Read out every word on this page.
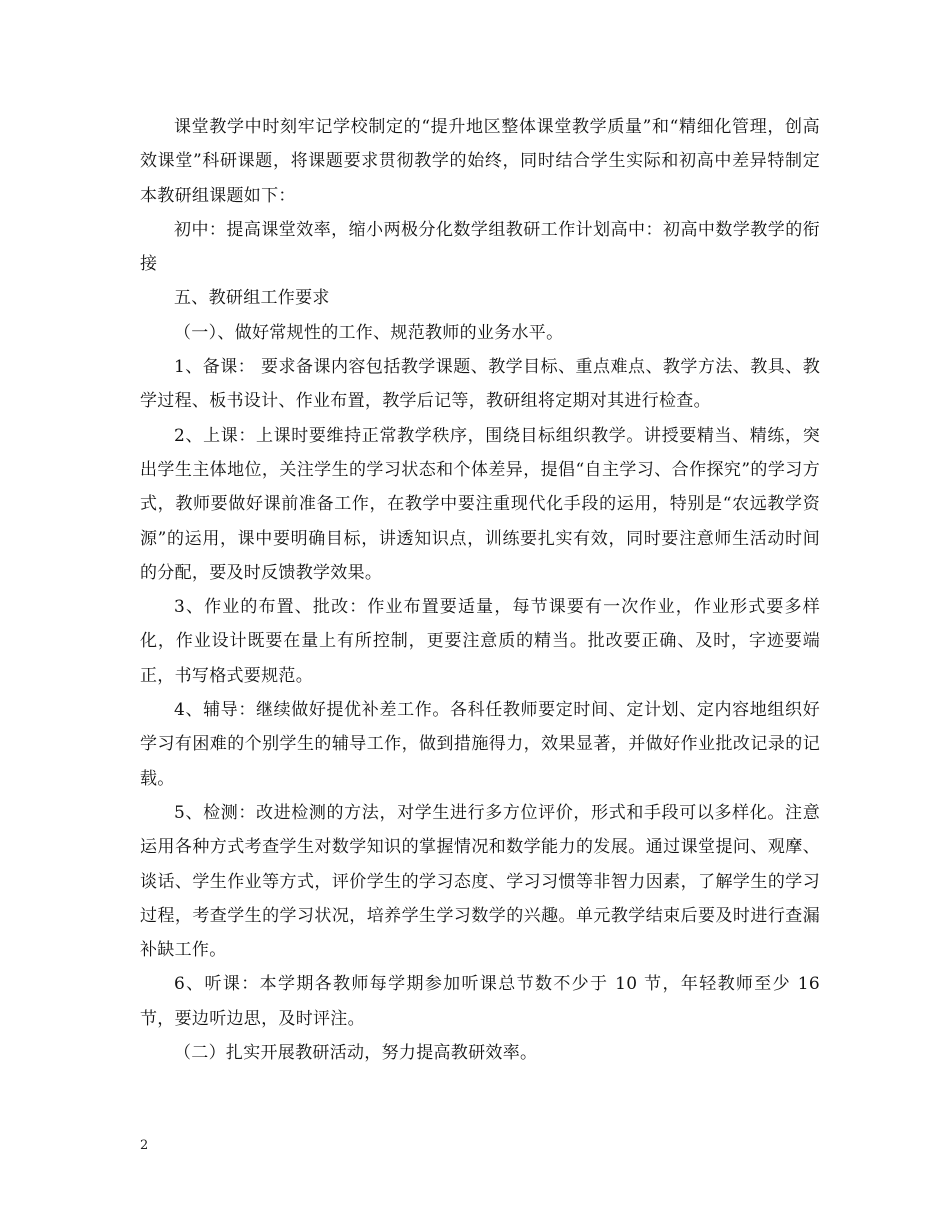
课堂教学中时刻牢记学校制定的“提升地区整体课堂教学质量”和“精细化管理，创高效课堂”科研课题，将课题要求贯彻教学的始终，同时结合学生实际和初高中差异特制定本教研组课题如下：

初中：提高课堂效率，缩小两极分化数学组教研工作计划高中：初高中数学教学的衔接

五、教研组工作要求

（一）、做好常规性的工作、规范教师的业务水平。

1、备课： 要求备课内容包括教学课题、教学目标、重点难点、教学方法、教具、教学过程、板书设计、作业布置，教学后记等，教研组将定期对其进行检查。

2、上课：上课时要维持正常教学秩序，围绕目标组织教学。讲授要精当、精练，突出学生主体地位，关注学生的学习状态和个体差异，提倡“自主学习、合作探究”的学习方式，教师要做好课前准备工作，在教学中要注重现代化手段的运用，特别是“农远教学资源”的运用，课中要明确目标，讲透知识点，训练要扎实有效，同时要注意师生活动时间的分配，要及时反馈教学效果。

3、作业的布置、批改：作业布置要适量，每节课要有一次作业，作业形式要多样化，作业设计既要在量上有所控制，更要注意质的精当。批改要正确、及时，字迹要端正，书写格式要规范。

4、辅导：继续做好提优补差工作。各科任教师要定时间、定计划、定内容地组织好学习有困难的个别学生的辅导工作，做到措施得力，效果显著，并做好作业批改记录的记载。

5、检测：改进检测的方法，对学生进行多方位评价，形式和手段可以多样化。注意运用各种方式考查学生对数学知识的掌握情况和数学能力的发展。通过课堂提问、观摩、谈话、学生作业等方式，评价学生的学习态度、学习习惯等非智力因素，了解学生的学习过程，考查学生的学习状况，培养学生学习数学的兴趣。单元教学结束后要及时进行查漏补缺工作。

6、听课：本学期各教师每学期参加听课总节数不少于 10 节，年轻教师至少 16 节，要边听边思，及时评注。

（二）扎实开展教研活动，努力提高教研效率。

2
